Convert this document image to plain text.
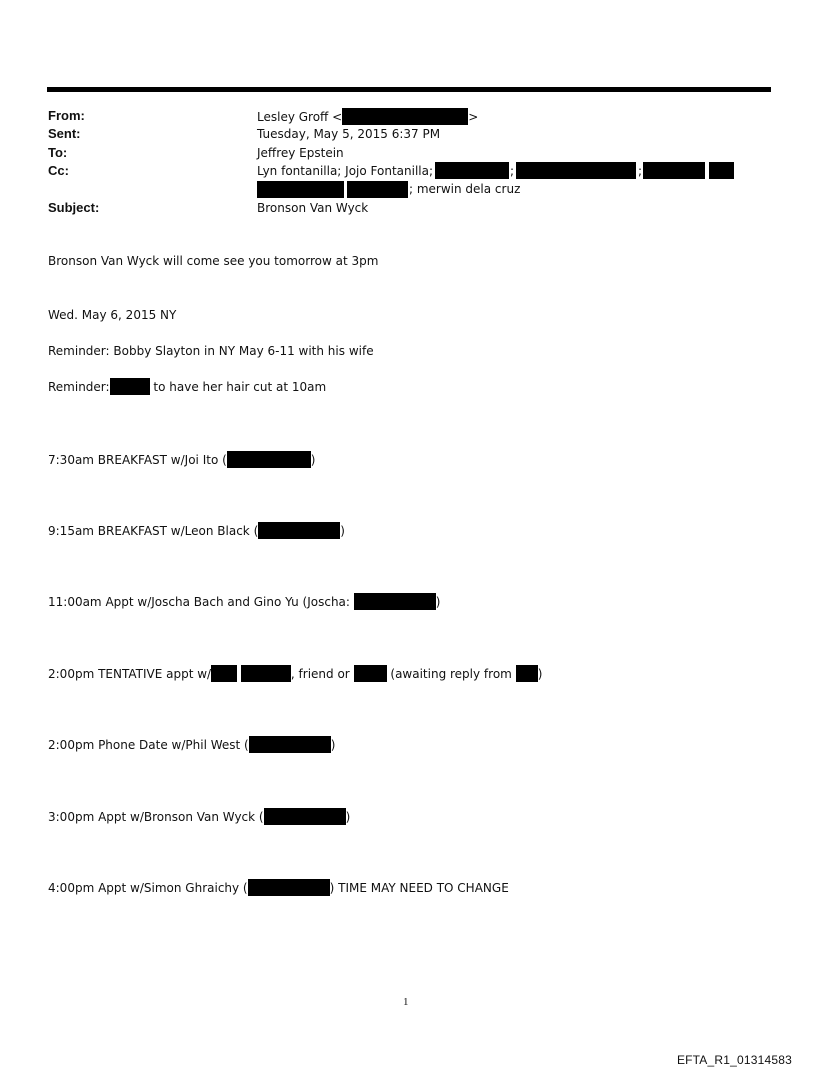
From:	Lesley Groff <	>
Sent:	Tuesday, May 5, 2015 6:37 PM
To:	Jeffrey Epstein
Cc:	Lyn fontanilla; Jojo Fontanilla;	;	;
; merwin dela cruz
Subject:	Bronson Van Wyck
Bronson Van Wyck will come see you tomorrow at 3pm
Wed. May 6, 2015 NY
Reminder: Bobby Slayton in NY May 6-11 with his wife
Reminder:	to have her hair cut at 10am
7:30am BREAKFAST w/Joi Ito (	)
9:15am BREAKFAST w/Leon Black (	)
11:00am Appt w/Joscha Bach and Gino Yu (Joscha:	)
2:00pm TENTATIVE appt w/	, friend or	(awaiting reply from )
2:00pm Phone Date w/Phil West (	)
3:00pm Appt w/Bronson Van Wyck (	)
4:00pm Appt w/Simon Ghraichy (	) TIME MAY NEED TO CHANGE
1
EFTA_R1_01314583
